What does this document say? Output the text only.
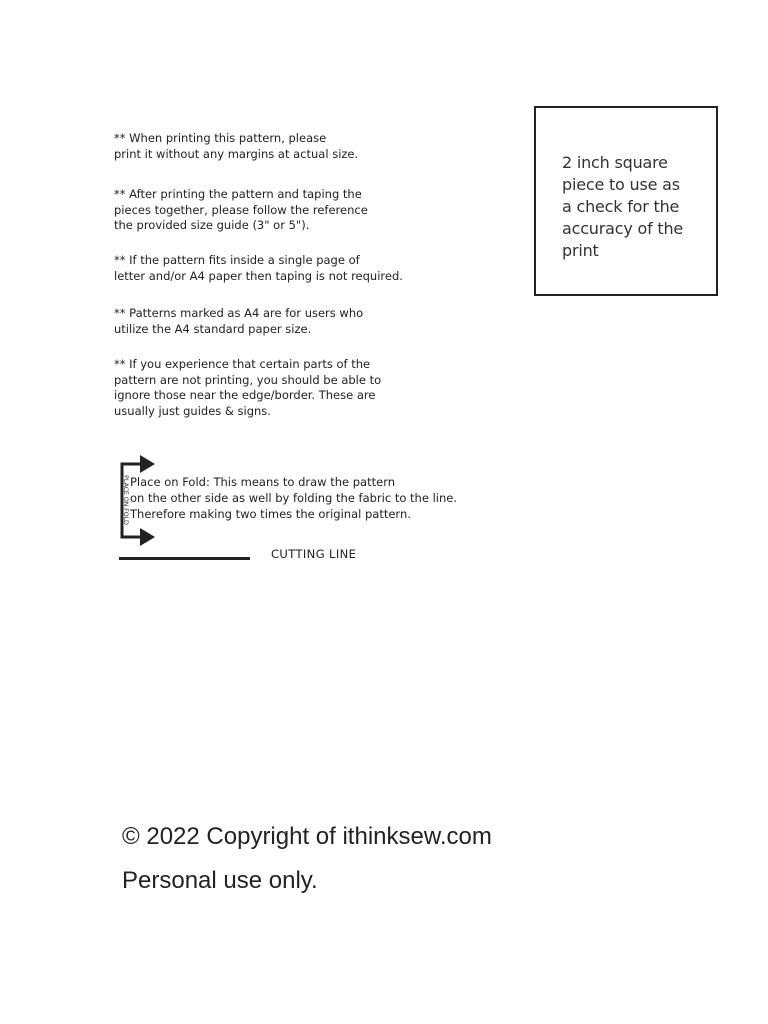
** When printing this pattern, please
print it without any margins at actual size.
** After printing the pattern and taping the
pieces together, please follow the reference
the provided size guide (3" or 5").
** If the pattern fits inside a single page of
letter and/or A4 paper then taping is not required.
** Patterns marked as A4 are for users who
utilize the A4 standard paper size.
** If you experience that certain parts of the
pattern are not printing, you should be able to
ignore those near the edge/border. These are
usually just guides & signs.
2 inch square
piece to use as
a check for the
accuracy of the
print
PLACE ON FOLD Place on Fold: This means to draw the pattern
on the other side as well by folding the fabric to the line.
Therefore making two times the original pattern.
CUTTING LINE
© 2022 Copyright of ithinksew.com
Personal use only.
